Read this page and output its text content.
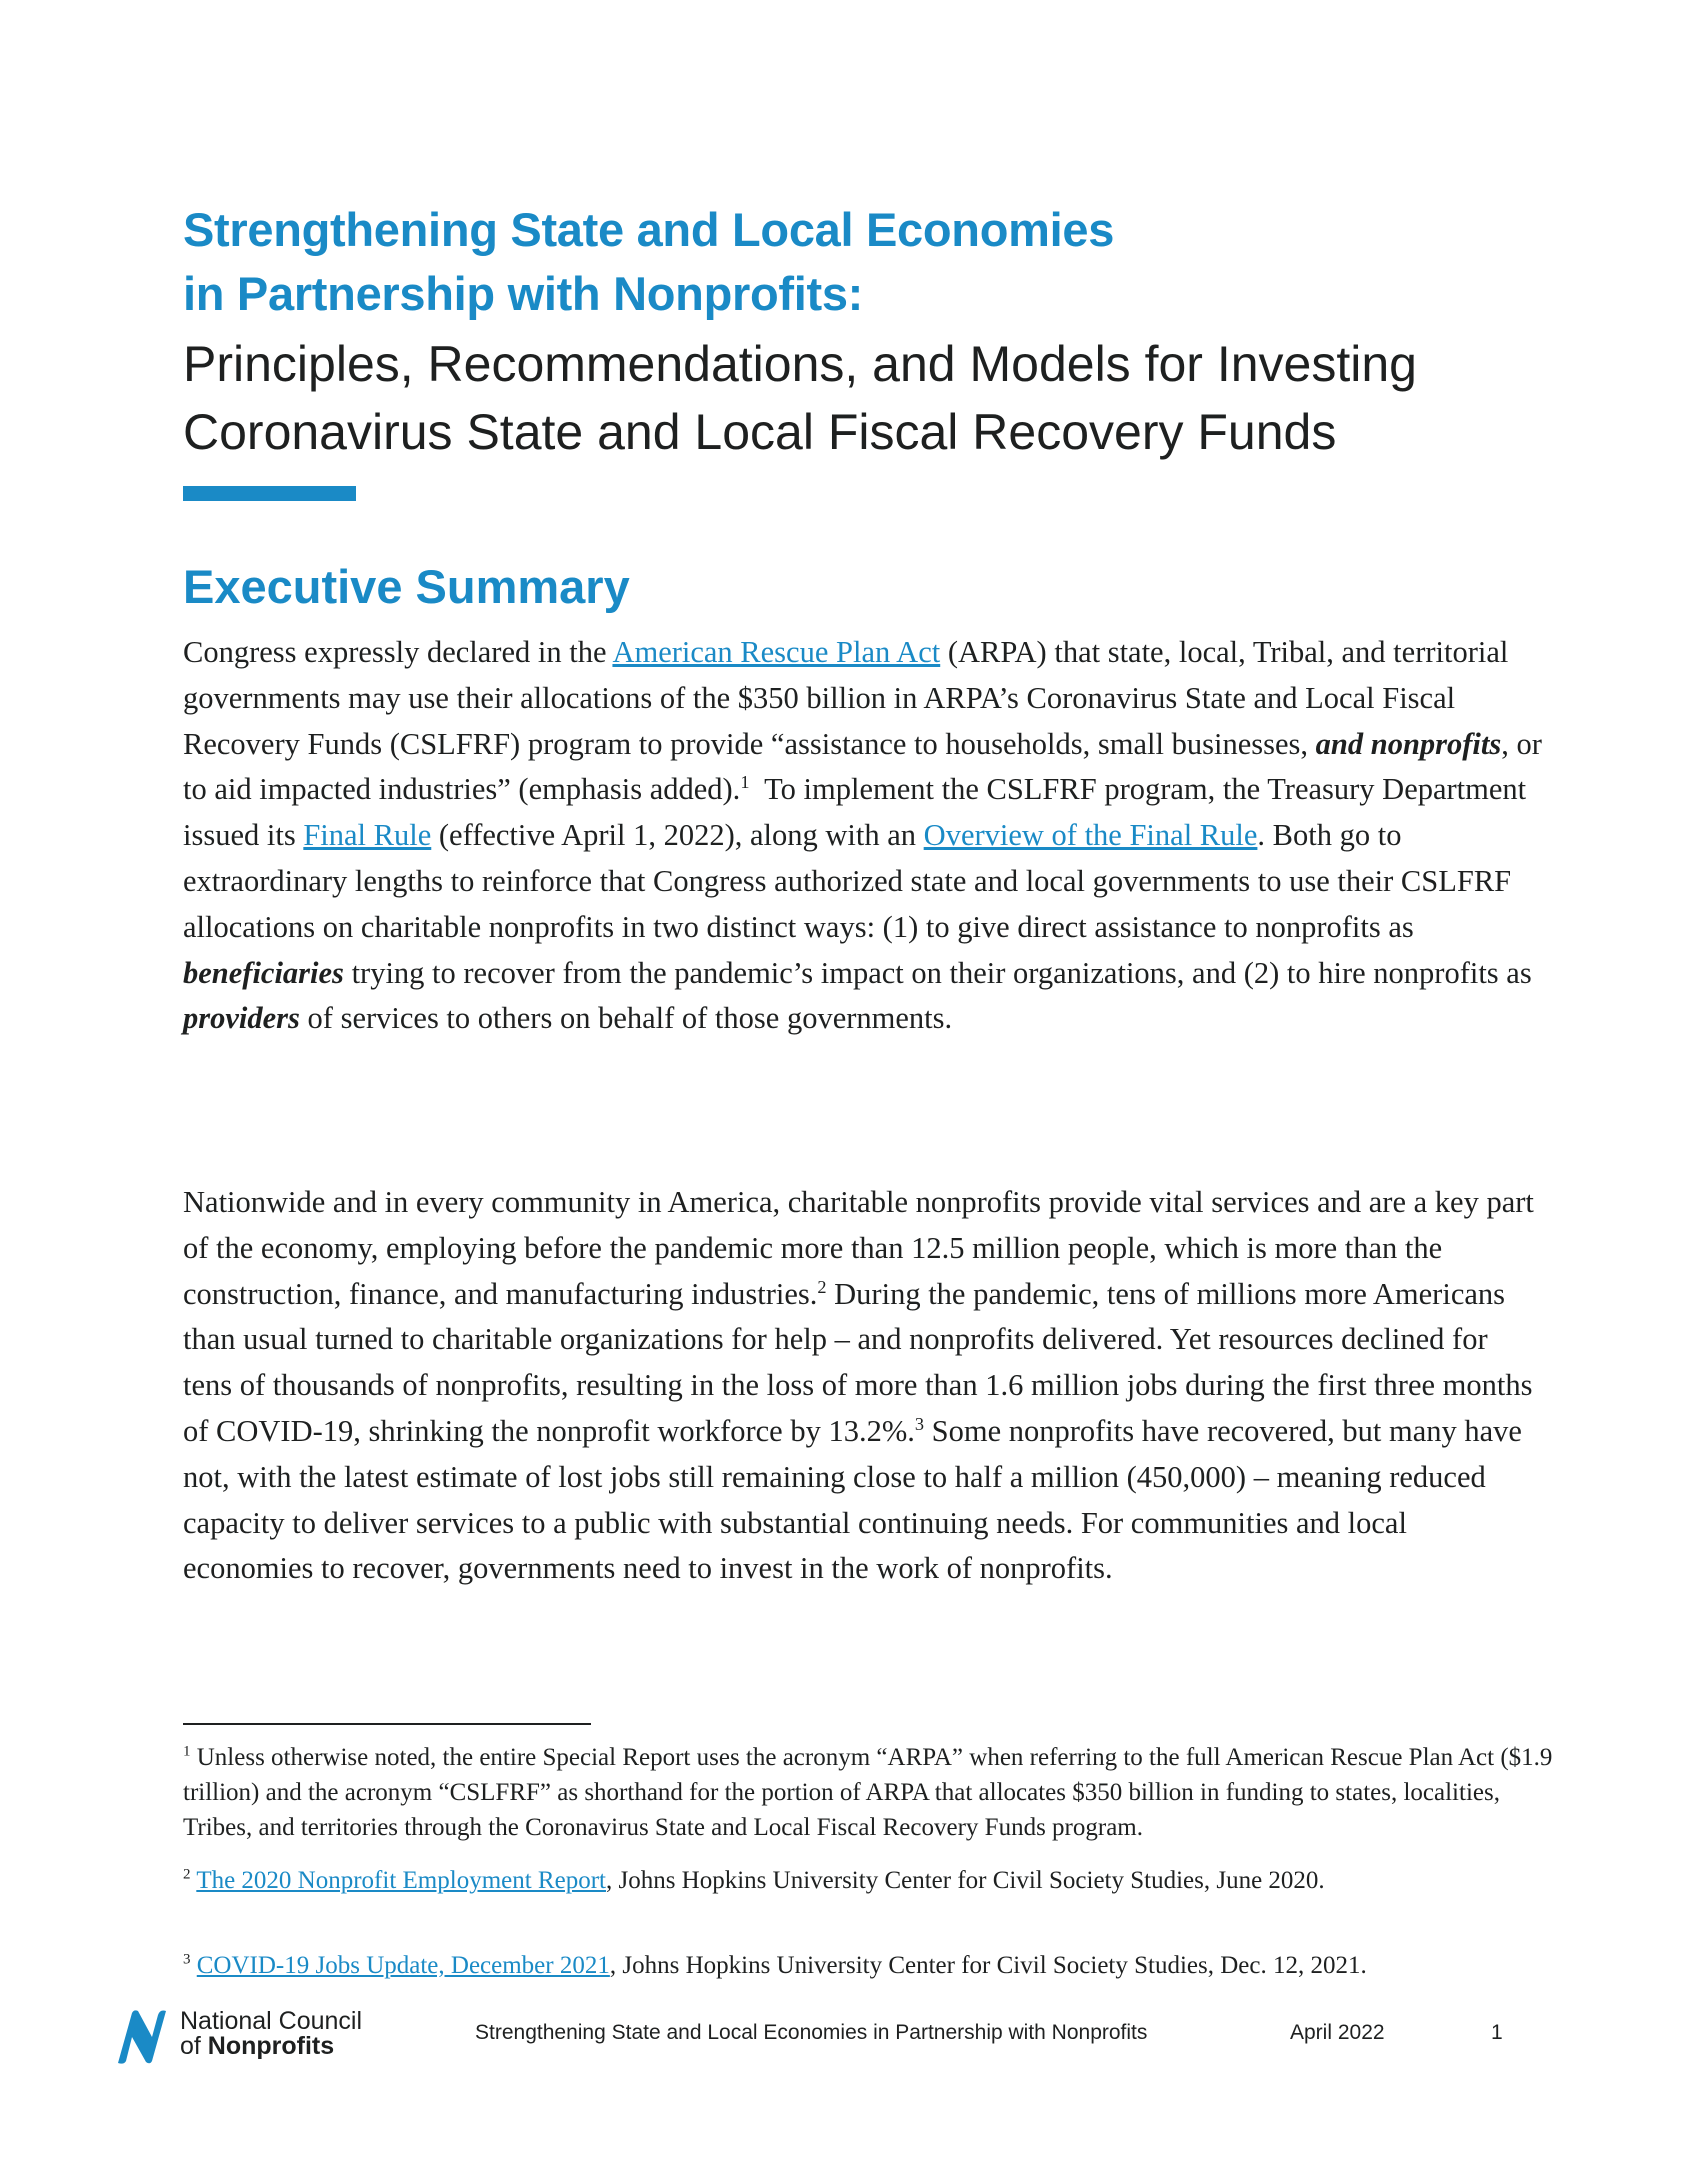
Strengthening State and Local Economies
in Partnership with Nonprofits:
Principles, Recommendations, and Models for Investing
Coronavirus State and Local Fiscal Recovery Funds
Executive Summary
Congress expressly declared in the American Rescue Plan Act (ARPA) that state, local, Tribal, and territorial governments may use their allocations of the $350 billion in ARPA’s Coronavirus State and Local Fiscal Recovery Funds (CSLFRF) program to provide “assistance to households, small businesses, and nonprofits, or to aid impacted industries” (emphasis added).$^1$  To implement the CSLFRF program, the Treasury Department issued its Final Rule (effective April 1, 2022), along with an Overview of the Final Rule. Both go to extraordinary lengths to reinforce that Congress authorized state and local governments to use their CSLFRF allocations on charitable nonprofits in two distinct ways: (1) to give direct assistance to nonprofits as beneficiaries trying to recover from the pandemic’s impact on their organizations, and (2) to hire nonprofits as providers of services to others on behalf of those governments.
Nationwide and in every community in America, charitable nonprofits provide vital services and are a key part of the economy, employing before the pandemic more than 12.5 million people, which is more than the construction, finance, and manufacturing industries.$^2$ During the pandemic, tens of millions more Americans than usual turned to charitable organizations for help – and nonprofits delivered. Yet resources declined for tens of thousands of nonprofits, resulting in the loss of more than 1.6 million jobs during the first three months of COVID-19, shrinking the nonprofit workforce by 13.2%.$^3$ Some nonprofits have recovered, but many have not, with the latest estimate of lost jobs still remaining close to half a million (450,000) – meaning reduced capacity to deliver services to a public with substantial continuing needs. For communities and local economies to recover, governments need to invest in the work of nonprofits.
$^1$ Unless otherwise noted, the entire Special Report uses the acronym “ARPA” when referring to the full American Rescue Plan Act ($1.9 trillion) and the acronym “CSLFRF” as shorthand for the portion of ARPA that allocates $350 billion in funding to states, localities, Tribes, and territories through the Coronavirus State and Local Fiscal Recovery Funds program.
$^2$ The 2020 Nonprofit Employment Report, Johns Hopkins University Center for Civil Society Studies, June 2020.
$^3$ COVID-19 Jobs Update, December 2021, Johns Hopkins University Center for Civil Society Studies, Dec. 12, 2021.
National Council
of Nonprofits	Strengthening State and Local Economies in Partnership with Nonprofits	April 2022	1
